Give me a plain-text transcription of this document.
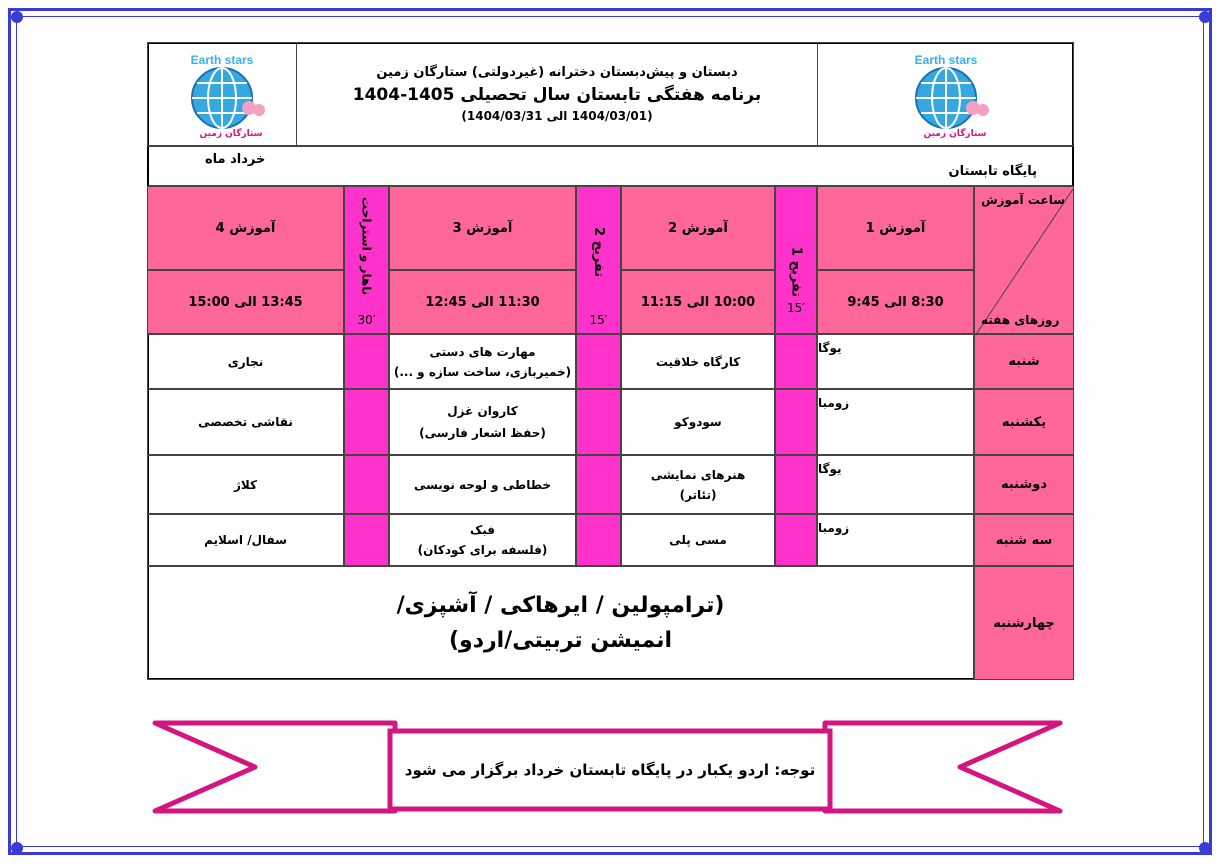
Earth stars
ستارگان زمین
دبستان و پیش‌دبستان دخترانه (غیردولتی) ستارگان زمین
برنامه هفتگی تابستان سال تحصیلی 1405-1404
(1404/03/01 الی 1404/03/31)
Earth stars
ستارگان زمین
خرداد ماه
پایگاه تابستان
ساعت آموزش
روزهای هفته
آموزش 1
8:30 الی 9:45
تفریح 1
15′
آموزش 2
10:00 الی 11:15
تفریح 2
15′
آموزش 3
11:30 الی 12:45
ناهار و استراحت
30′
آموزش 4
13:45 الی 15:00
شنبه
یوگا
کارگاه خلاقیت
مهارت های دستی
(خمیربازی، ساخت سازه و ...)
نجاری
یکشنبه
زومبا
سودوکو
کاروان غزل
(حفظ اشعار فارسی)
نقاشی تخصصی
دوشنبه
یوگا
هنرهای نمایشی
(تئاتر)
خطاطی و لوحه نویسی
کلاژ
سه شنبه
زومبا
مسی پلی
فبک
(فلسفه برای کودکان)
سفال/ اسلایم
چهارشنبه
(ترامپولین / ایرهاکی / آشپزی/
انمیشن تربیتی/اردو)
توجه: اردو یکبار در پایگاه تابستان خرداد برگزار می شود
